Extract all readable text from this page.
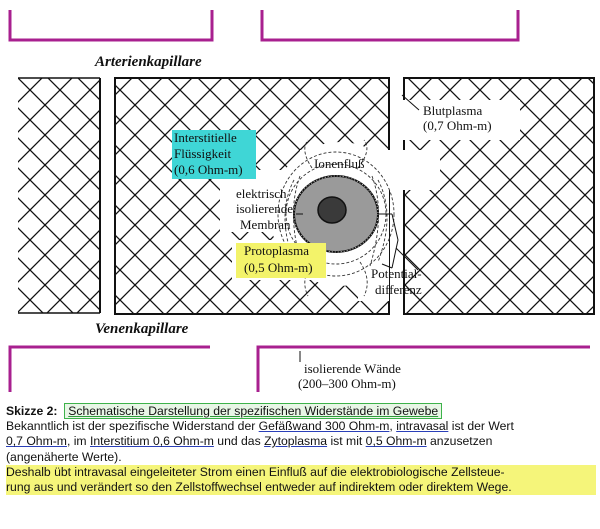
Arterienkapillare
Venenkapillare
Blutplasma
(0,7 Ohm-m)
Interstitielle
Flüssigkeit
(0,6 Ohm-m)	Ionenfluß
elektrisch
isolierende
Membran
Protoplasma
(0,5 Ohm-m)	Potential-
differenz
isolierende Wände
(200–300 Ohm-m)
Skizze 2: Schematische Darstellung der spezifischen Widerstände im Gewebe
Bekanntlich ist der spezifische Widerstand der Gefäßwand 300 Ohm-m, intravasal ist der Wert
0,7 Ohm-m, im Interstitium 0,6 Ohm-m und das Zytoplasma ist mit 0,5 Ohm-m anzusetzen
(angenäherte Werte).
Deshalb übt intravasal eingeleiteter Strom einen Einfluß auf die elektrobiologische Zellsteue-
rung aus und verändert so den Zellstoffwechsel entweder auf indirektem oder direktem Wege.
